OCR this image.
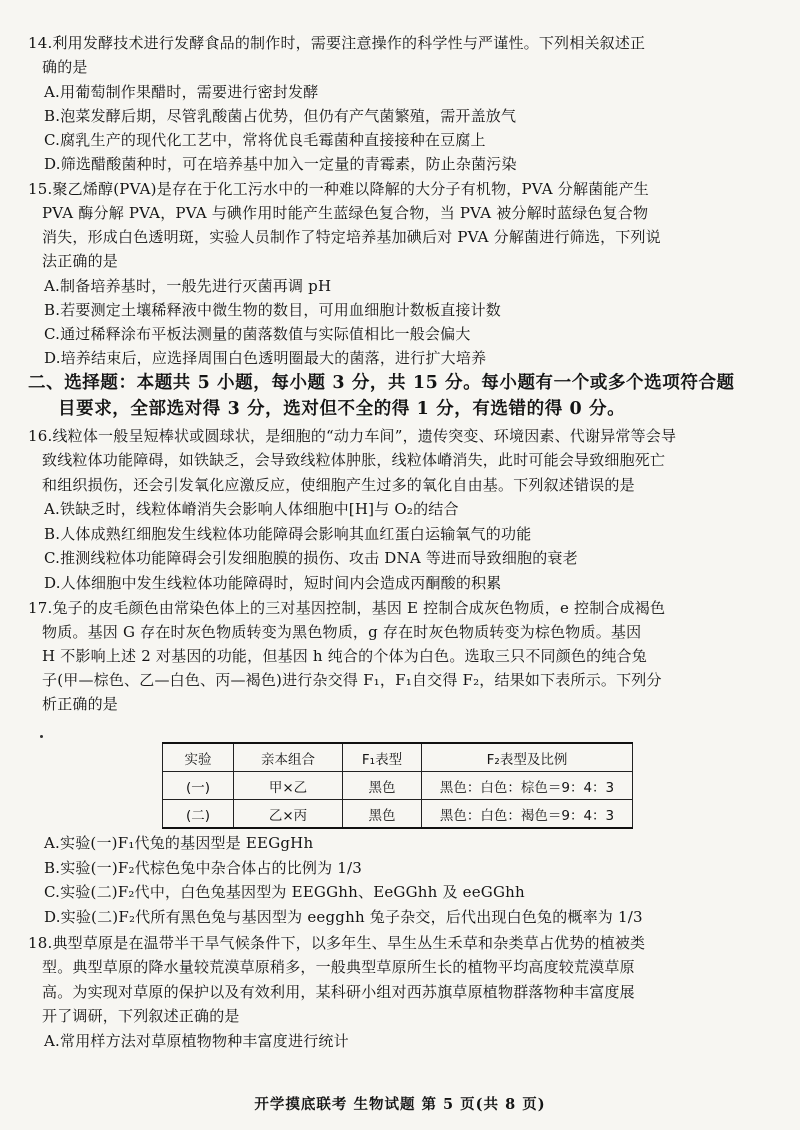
14.利用发酵技术进行发酵食品的制作时，需要注意操作的科学性与严谨性。下列相关叙述正
确的是
A.用葡萄制作果醋时，需要进行密封发酵
B.泡菜发酵后期，尽管乳酸菌占优势，但仍有产气菌繁殖，需开盖放气
C.腐乳生产的现代化工艺中，常将优良毛霉菌种直接接种在豆腐上
D.筛选醋酸菌种时，可在培养基中加入一定量的青霉素，防止杂菌污染
15.聚乙烯醇(PVA)是存在于化工污水中的一种难以降解的大分子有机物，PVA 分解菌能产生
PVA 酶分解 PVA，PVA 与碘作用时能产生蓝绿色复合物，当 PVA 被分解时蓝绿色复合物
消失，形成白色透明斑，实验人员制作了特定培养基加碘后对 PVA 分解菌进行筛选，下列说
法正确的是
A.制备培养基时，一般先进行灭菌再调 pH
B.若要测定土壤稀释液中微生物的数目，可用血细胞计数板直接计数
C.通过稀释涂布平板法测量的菌落数值与实际值相比一般会偏大
D.培养结束后，应选择周围白色透明圈最大的菌落，进行扩大培养
二、选择题：本题共 5 小题，每小题 3 分，共 15 分。每小题有一个或多个选项符合题
目要求，全部选对得 3 分，选对但不全的得 1 分，有选错的得 0 分。
16.线粒体一般呈短棒状或圆球状，是细胞的“动力车间”，遗传突变、环境因素、代谢异常等会导
致线粒体功能障碍，如铁缺乏，会导致线粒体肿胀，线粒体嵴消失，此时可能会导致细胞死亡
和组织损伤，还会引发氧化应激反应，使细胞产生过多的氧化自由基。下列叙述错误的是
A.铁缺乏时，线粒体嵴消失会影响人体细胞中[H]与 O₂的结合
B.人体成熟红细胞发生线粒体功能障碍会影响其血红蛋白运输氧气的功能
C.推测线粒体功能障碍会引发细胞膜的损伤、攻击 DNA 等进而导致细胞的衰老
D.人体细胞中发生线粒体功能障碍时，短时间内会造成丙酮酸的积累
17.兔子的皮毛颜色由常染色体上的三对基因控制，基因 E 控制合成灰色物质，e 控制合成褐色
物质。基因 G 存在时灰色物质转变为黑色物质，g 存在时灰色物质转变为棕色物质。基因
H 不影响上述 2 对基因的功能，但基因 h 纯合的个体为白色。选取三只不同颜色的纯合兔
子(甲—棕色、乙—白色、丙—褐色)进行杂交得 F₁，F₁自交得 F₂，结果如下表所示。下列分
析正确的是
实验	亲本组合	F₁表型	F₂表型及比例
(一)	甲×乙	黑色	黑色：白色：棕色＝9：4：3
(二)	乙×丙	黑色	黑色：白色：褐色＝9：4：3
A.实验(一)F₁代兔的基因型是 EEGgHh
B.实验(一)F₂代棕色兔中杂合体占的比例为 1/3
C.实验(二)F₂代中，白色兔基因型为 EEGGhh、EeGGhh 及 eeGGhh
D.实验(二)F₂代所有黑色兔与基因型为 eegghh 兔子杂交，后代出现白色兔的概率为 1/3
18.典型草原是在温带半干旱气候条件下，以多年生、旱生丛生禾草和杂类草占优势的植被类
型。典型草原的降水量较荒漠草原稍多，一般典型草原所生长的植物平均高度较荒漠草原
高。为实现对草原的保护以及有效利用，某科研小组对西苏旗草原植物群落物种丰富度展
开了调研，下列叙述正确的是
A.常用样方法对草原植物物种丰富度进行统计
开学摸底联考 生物试题 第 5 页(共 8 页)
